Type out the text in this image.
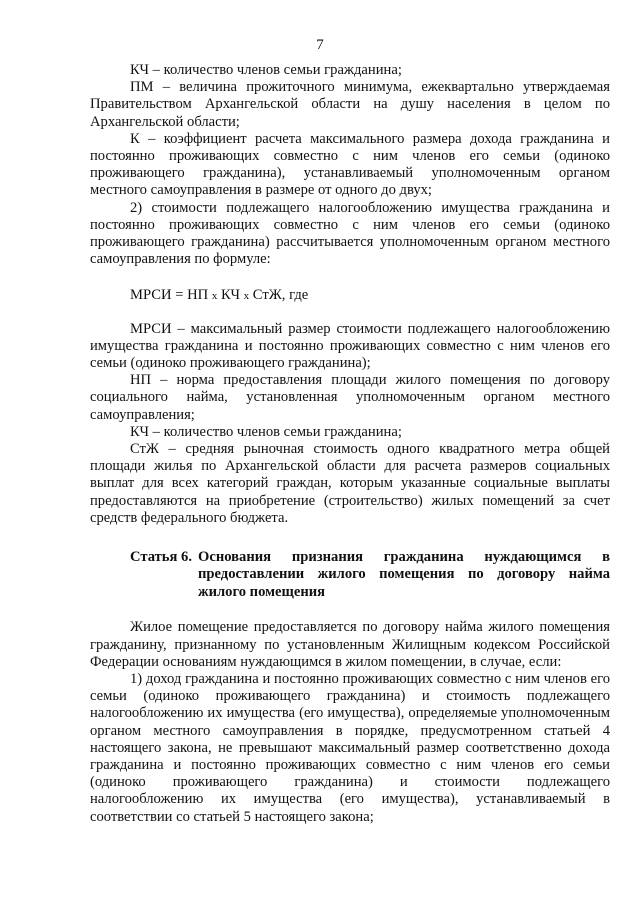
7

КЧ – количество членов семьи гражданина;

ПМ – величина прожиточного минимума, ежеквартально утверждаемая Правительством Архангельской области на душу населения в целом по Архангельской области;

К – коэффициент расчета максимального размера дохода гражданина и постоянно проживающих совместно с ним членов его семьи (одиноко проживающего гражданина), устанавливаемый уполномоченным органом местного самоуправления в размере от одного до двух;

2) стоимости подлежащего налогообложению имущества гражданина и постоянно проживающих совместно с ним членов его семьи (одиноко проживающего гражданина) рассчитывается уполномоченным органом местного самоуправления по формуле:

МРСИ = НП х КЧ х СтЖ, где

МРСИ – максимальный размер стоимости подлежащего налогообложению имущества гражданина и постоянно проживающих совместно с ним членов его семьи (одиноко проживающего гражданина);

НП – норма предоставления площади жилого помещения по договору социального найма, установленная уполномоченным органом местного самоуправления;

КЧ – количество членов семьи гражданина;

СтЖ – средняя рыночная стоимость одного квадратного метра общей площади жилья по Архангельской области для расчета размеров социальных выплат для всех категорий граждан, которым указанные социальные выплаты предоставляются на приобретение (строительство) жилых помещений за счет средств федерального бюджета.

Статья 6. Основания признания гражданина нуждающимся в предоставлении жилого помещения по договору найма жилого помещения

Жилое помещение предоставляется по договору найма жилого помещения гражданину, признанному по установленным Жилищным кодексом Российской Федерации основаниям нуждающимся в жилом помещении, в случае, если:

1) доход гражданина и постоянно проживающих совместно с ним членов его семьи (одиноко проживающего гражданина) и стоимость подлежащего налогообложению их имущества (его имущества), определяемые уполномоченным органом местного самоуправления в порядке, предусмотренном статьей 4 настоящего закона, не превышают максимальный размер соответственно дохода гражданина и постоянно проживающих совместно с ним членов его семьи (одиноко проживающего гражданина) и стоимости подлежащего налогообложению их имущества (его имущества), устанавливаемый в соответствии со статьей 5 настоящего закона;
